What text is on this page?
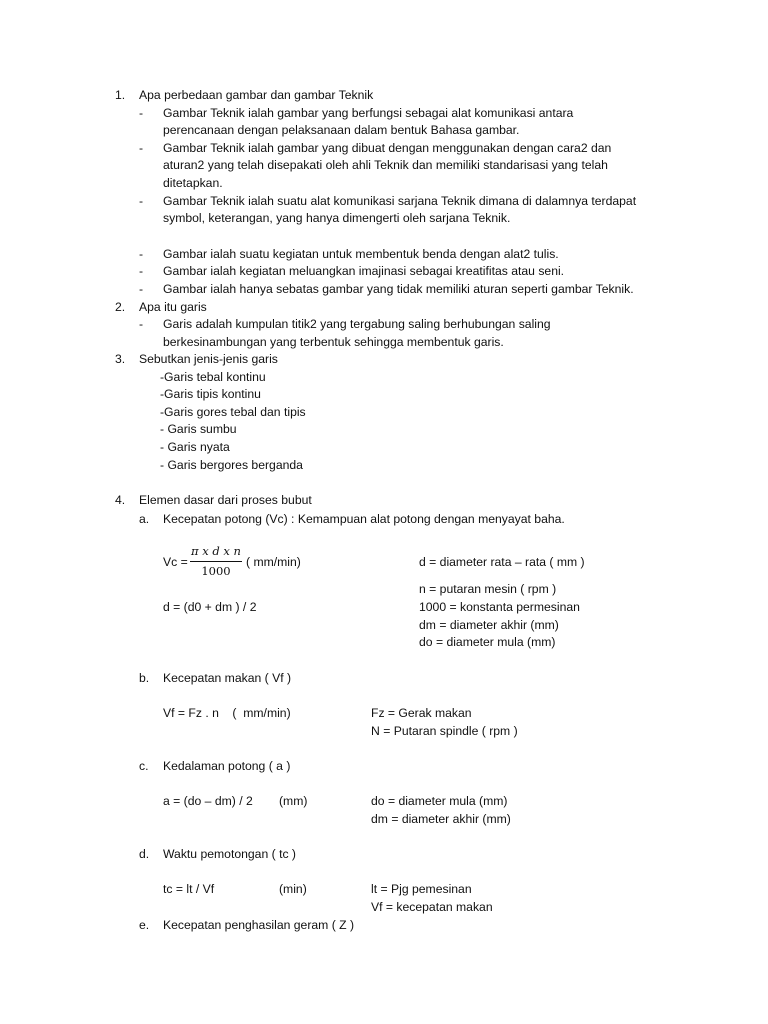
1. Apa perbedaan gambar dan gambar Teknik
- Gambar Teknik ialah gambar yang berfungsi sebagai alat komunikasi antara
perencanaan dengan pelaksanaan dalam bentuk Bahasa gambar.
- Gambar Teknik ialah gambar yang dibuat dengan menggunakan dengan cara2 dan
aturan2 yang telah disepakati oleh ahli Teknik dan memiliki standarisasi yang telah
ditetapkan.
- Gambar Teknik ialah suatu alat komunikasi sarjana Teknik dimana di dalamnya terdapat
symbol, keterangan, yang hanya dimengerti oleh sarjana Teknik.
- Gambar ialah suatu kegiatan untuk membentuk benda dengan alat2 tulis.
- Gambar ialah kegiatan meluangkan imajinasi sebagai kreatifitas atau seni.
- Gambar ialah hanya sebatas gambar yang tidak memiliki aturan seperti gambar Teknik.
2. Apa itu garis
- Garis adalah kumpulan titik2 yang tergabung saling berhubungan saling
berkesinambungan yang terbentuk sehingga membentuk garis.
3. Sebutkan jenis-jenis garis
-Garis tebal kontinu
-Garis tipis kontinu
-Garis gores tebal dan tipis
- Garis sumbu
- Garis nyata
- Garis bergores berganda
4. Elemen dasar dari proses bubut
a. Kecepatan potong (Vc) : Kemampuan alat potong dengan menyayat baha.
$Vc = \frac{\text{π x d x n}}{1000}$ ( mm/min)	d = diameter rata – rata ( mm )
n = putaran mesin ( rpm )
d = (d0 + dm ) / 2	1000 = konstanta permesinan
dm = diameter akhir (mm)
do = diameter mula (mm)
b. Kecepatan makan ( Vf )
Vf = Fz . n    (  mm/min)	Fz = Gerak makan
N = Putaran spindle ( rpm )
c. Kedalaman potong ( a )
a = (do – dm) / 2 (mm)	do = diameter mula (mm)
dm = diameter akhir (mm)
d. Waktu pemotongan ( tc )
tc = lt / Vf	(min)	lt = Pjg pemesinan
Vf = kecepatan makan
e. Kecepatan penghasilan geram ( Z )
